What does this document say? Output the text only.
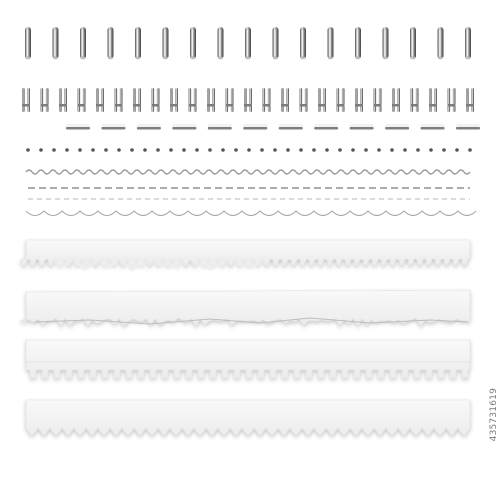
435731619
